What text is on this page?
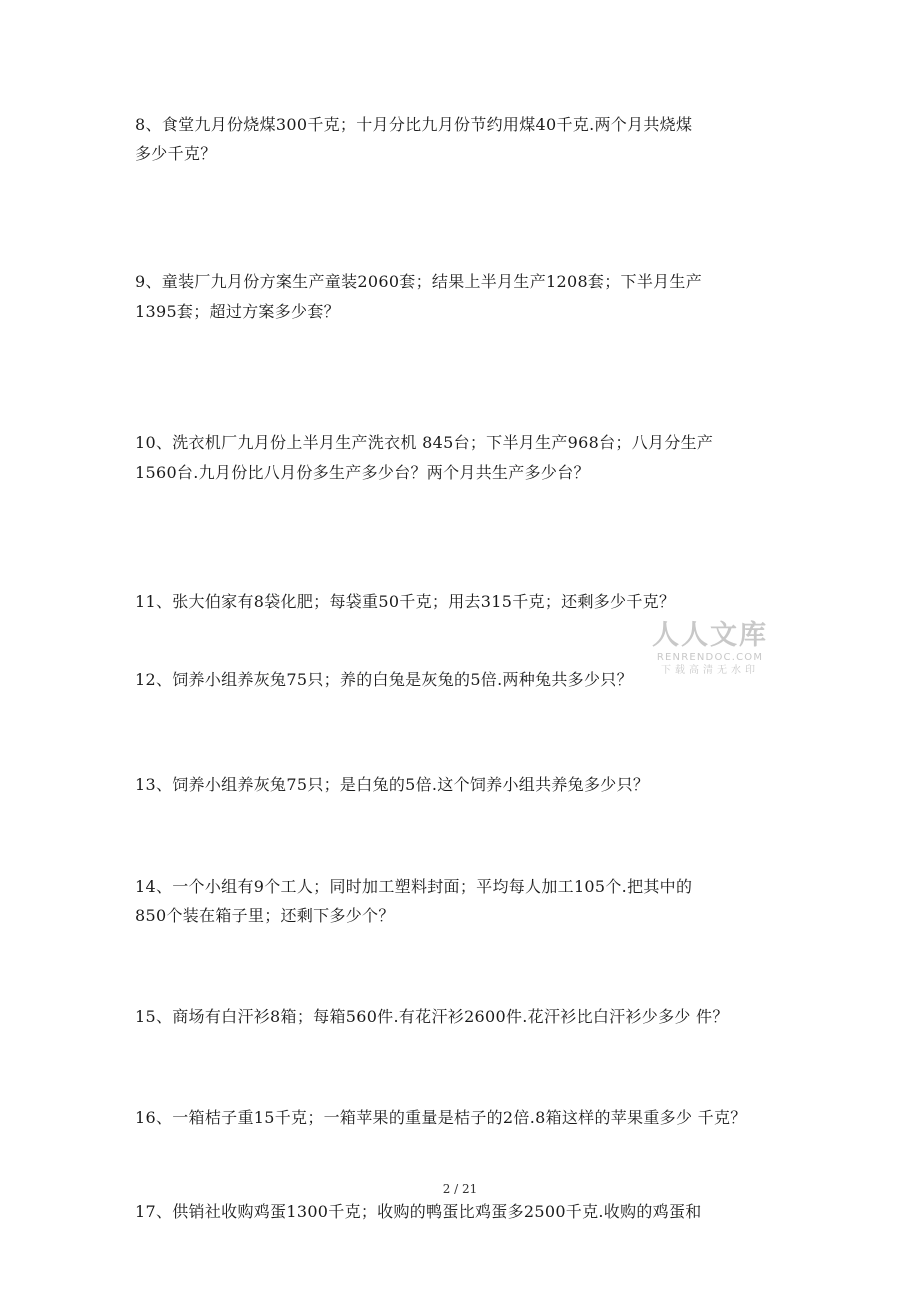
8、食堂九月份烧煤300千克；十月分比九月份节约用煤40千克.两个月共烧煤
多少千克？
9、童装厂九月份方案生产童装2060套；结果上半月生产1208套；下半月生产
1395套；超过方案多少套？
10、洗衣机厂九月份上半月生产洗衣机 845台；下半月生产968台；八月分生产
1560台.九月份比八月份多生产多少台？两个月共生产多少台？
11、张大伯家有8袋化肥；每袋重50千克；用去315千克；还剩多少千克？
12、饲养小组养灰兔75只；养的白兔是灰兔的5倍.两种兔共多少只？
13、饲养小组养灰兔75只；是白兔的5倍.这个饲养小组共养兔多少只？
14、一个小组有9个工人；同时加工塑料封面；平均每人加工105个.把其中的
850个装在箱子里；还剩下多少个？
15、商场有白汗衫8箱；每箱560件.有花汗衫2600件.花汗衫比白汗衫少多少 件？
16、一箱桔子重15千克；一箱苹果的重量是桔子的2倍.8箱这样的苹果重多少 千克？
2 / 21
17、供销社收购鸡蛋1300千克；收购的鸭蛋比鸡蛋多2500千克.收购的鸡蛋和
人人文库
RENRENDOC.COM
下载高清无水印
